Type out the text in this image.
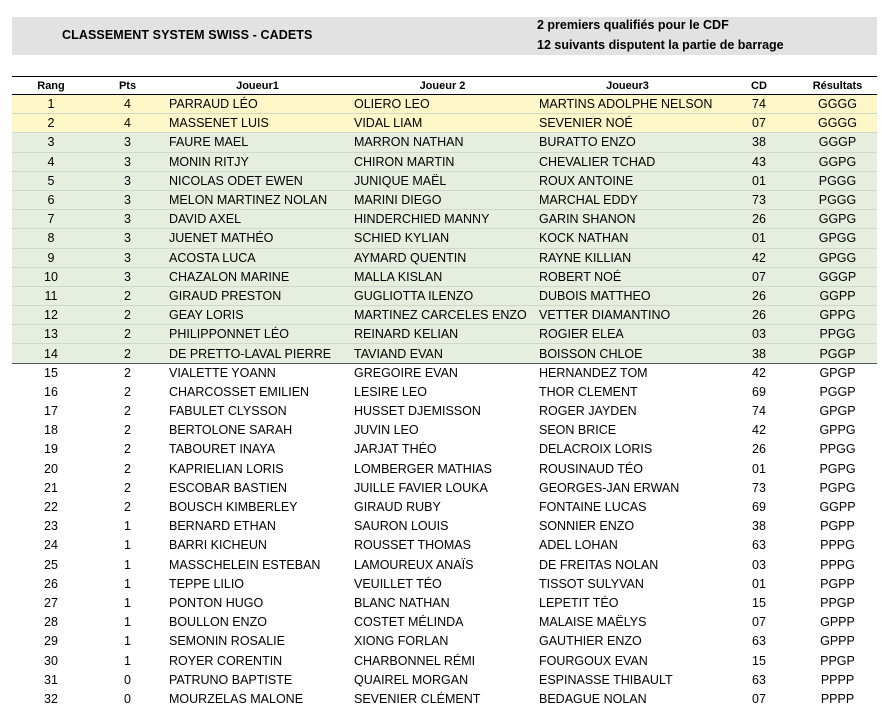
CLASSEMENT SYSTEM SWISS - CADETS
2 premiers qualifiés pour le CDF
12 suivants disputent la partie de barrage
Rang	Pts	Joueur1	Joueur 2	Joueur3	CD	Résultats
1	4	PARRAUD LÉO	OLIERO LEO	MARTINS ADOLPHE NELSON	74	GGGG
2	4	MASSENET LUIS	VIDAL LIAM	SEVENIER NOÉ	07	GGGG
3	3	FAURE MAEL	MARRON NATHAN	BURATTO ENZO	38	GGGP
4	3	MONIN RITJY	CHIRON MARTIN	CHEVALIER TCHAD	43	GGPG
5	3	NICOLAS ODET EWEN	JUNIQUE MAËL	ROUX ANTOINE	01	PGGG
6	3	MELON MARTINEZ NOLAN	MARINI DIEGO	MARCHAL EDDY	73	PGGG
7	3	DAVID AXEL	HINDERCHIED MANNY	GARIN SHANON	26	GGPG
8	3	JUENET MATHÉO	SCHIED KYLIAN	KOCK NATHAN	01	GPGG
9	3	ACOSTA LUCA	AYMARD QUENTIN	RAYNE KILLIAN	42	GPGG
10	3	CHAZALON MARINE	MALLA KISLAN	ROBERT NOÉ	07	GGGP
11	2	GIRAUD PRESTON	GUGLIOTTA ILENZO	DUBOIS MATTHEO	26	GGPP
12	2	GEAY LORIS	MARTINEZ CARCELES ENZO	VETTER DIAMANTINO	26	GPPG
13	2	PHILIPPONNET LÉO	REINARD KELIAN	ROGIER ELEA	03	PPGG
14	2	DE PRETTO-LAVAL PIERRE	TAVIAND EVAN	BOISSON CHLOE	38	PGGP
15	2	VIALETTE YOANN	GREGOIRE EVAN	HERNANDEZ TOM	42	GPGP
16	2	CHARCOSSET EMILIEN	LESIRE LEO	THOR CLEMENT	69	PGGP
17	2	FABULET CLYSSON	HUSSET DJEMISSON	ROGER JAYDEN	74	GPGP
18	2	BERTOLONE SARAH	JUVIN LEO	SEON BRICE	42	GPPG
19	2	TABOURET INAYA	JARJAT THÉO	DELACROIX LORIS	26	PPGG
20	2	KAPRIELIAN LORIS	LOMBERGER MATHIAS	ROUSINAUD TÉO	01	PGPG
21	2	ESCOBAR BASTIEN	JUILLE FAVIER LOUKA	GEORGES-JAN ERWAN	73	PGPG
22	2	BOUSCH KIMBERLEY	GIRAUD RUBY	FONTAINE LUCAS	69	GGPP
23	1	BERNARD ETHAN	SAURON LOUIS	SONNIER ENZO	38	PGPP
24	1	BARRI KICHEUN	ROUSSET THOMAS	ADEL LOHAN	63	PPPG
25	1	MASSCHELEIN ESTEBAN	LAMOUREUX ANAÏS	DE FREITAS NOLAN	03	PPPG
26	1	TEPPE LILIO	VEUILLET TÉO	TISSOT SULYVAN	01	PGPP
27	1	PONTON HUGO	BLANC NATHAN	LEPETIT TÉO	15	PPGP
28	1	BOULLON ENZO	COSTET MÉLINDA	MALAISE MAËLYS	07	GPPP
29	1	SEMONIN ROSALIE	XIONG FORLAN	GAUTHIER ENZO	63	GPPP
30	1	ROYER CORENTIN	CHARBONNEL RÉMI	FOURGOUX EVAN	15	PPGP
31	0	PATRUNO BAPTISTE	QUAIREL MORGAN	ESPINASSE THIBAULT	63	PPPP
32	0	MOURZELAS MALONE	SEVENIER CLÉMENT	BEDAGUE NOLAN	07	PPPP
